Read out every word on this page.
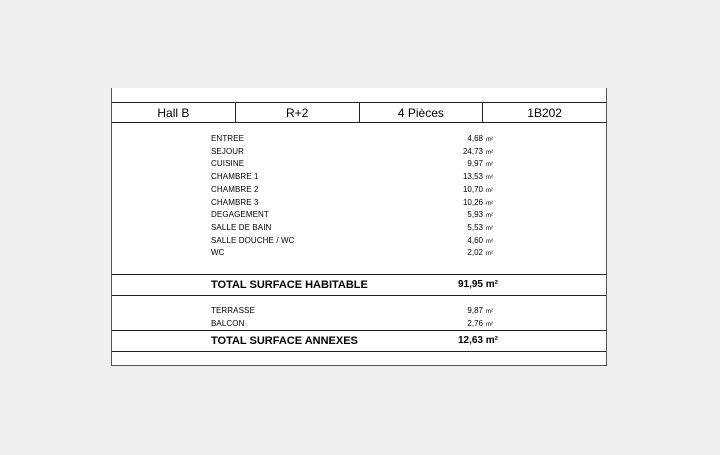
Hall B	R+2	4 Pièces	1B202
ENTREE	4,68 m²
SEJOUR	24,73 m²
CUISINE	9,97 m²
CHAMBRE 1	13,53 m²
CHAMBRE 2	10,70 m²
CHAMBRE 3	10,26 m²
DEGAGEMENT	5,93 m²
SALLE DE BAIN	5,53 m²
SALLE DOUCHE / WC	4,60 m²
WC	2,02 m²
TOTAL SURFACE HABITABLE	91,95 m²
TERRASSE	9,87 m²
BALCON	2,76 m²
TOTAL SURFACE ANNEXES	12,63 m²
